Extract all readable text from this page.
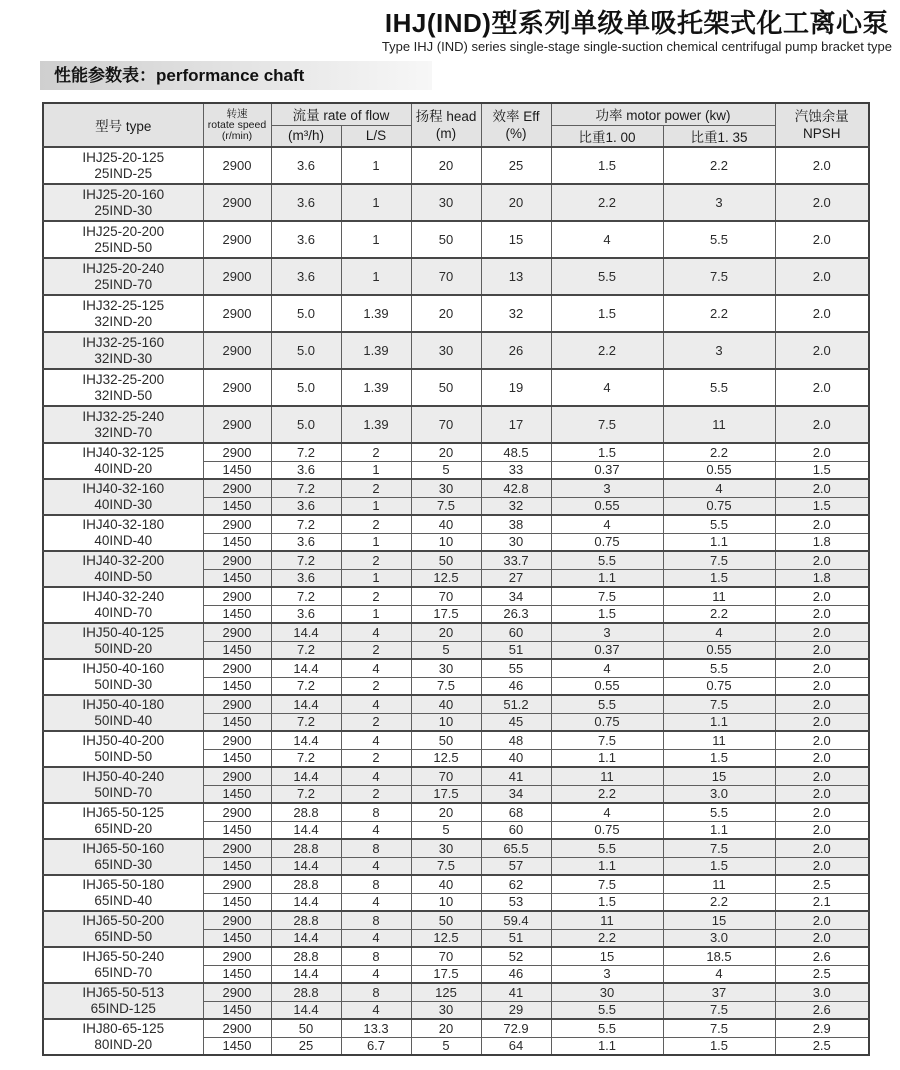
IHJ(IND)型系列单级单吸托架式化工离心泵
Type IHJ (IND) series single-stage single-suction chemical centrifugal pump bracket type
性能参数表：performance chaft
型号 type	
转速
rotate speed
(r/min)
	流量 rate of flow	扬程 head
(m)

效率 Eff
(%)
	功率 motor power (kw)	汽蚀余量
NPSH

		(m³/h)	L/S			比重1. 00	比重1. 35	

IHJ25-20-125
25IND-25	2900	3.6	1	20	25	1.5	2.2	2.0

IHJ25-20-160
25IND-30	2900	3.6	1	30	20	2.2	3	2.0

IHJ25-20-200
25IND-50	2900	3.6	1	50	15	4	5.5	2.0

IHJ25-20-240
25IND-70	2900	3.6	1	70	13	5.5	7.5	2.0

IHJ32-25-125
32IND-20	2900	5.0	1.39	20	32	1.5	2.2	2.0

IHJ32-25-160
32IND-30	2900	5.0	1.39	30	26	2.2	3	2.0

IHJ32-25-200
32IND-50	2900	5.0	1.39	50	19	4	5.5	2.0

IHJ32-25-240
32IND-70	2900	5.0	1.39	70	17	7.5	11	2.0

IHJ40-32-125
40IND-20	2900	7.2	2	20	48.5	1.5	2.2	2.0
	1450	3.6	1	5	33	0.37	0.55	1.5

IHJ40-32-160
40IND-30	2900	7.2	2	30	42.8	3	4	2.0
	1450	3.6	1	7.5	32	0.55	0.75	1.5

IHJ40-32-180
40IND-40	2900	7.2	2	40	38	4	5.5	2.0
	1450	3.6	1	10	30	0.75	1.1	1.8

IHJ40-32-200
40IND-50	2900	7.2	2	50	33.7	5.5	7.5	2.0
	1450	3.6	1	12.5	27	1.1	1.5	1.8

IHJ40-32-240
40IND-70	2900	7.2	2	70	34	7.5	11	2.0
	1450	3.6	1	17.5	26.3	1.5	2.2	2.0

IHJ50-40-125
50IND-20	2900	14.4	4	20	60	3	4	2.0
	1450	7.2	2	5	51	0.37	0.55	2.0

IHJ50-40-160
50IND-30	2900	14.4	4	30	55	4	5.5	2.0
	1450	7.2	2	7.5	46	0.55	0.75	2.0

IHJ50-40-180
50IND-40	2900	14.4	4	40	51.2	5.5	7.5	2.0
	1450	7.2	2	10	45	0.75	1.1	2.0

IHJ50-40-200
50IND-50	2900	14.4	4	50	48	7.5	11	2.0
	1450	7.2	2	12.5	40	1.1	1.5	2.0

IHJ50-40-240
50IND-70	2900	14.4	4	70	41	11	15	2.0
	1450	7.2	2	17.5	34	2.2	3.0	2.0

IHJ65-50-125
65IND-20	2900	28.8	8	20	68	4	5.5	2.0
	1450	14.4	4	5	60	0.75	1.1	2.0

IHJ65-50-160
65IND-30	2900	28.8	8	30	65.5	5.5	7.5	2.0
	1450	14.4	4	7.5	57	1.1	1.5	2.0

IHJ65-50-180
65IND-40	2900	28.8	8	40	62	7.5	11	2.5
	1450	14.4	4	10	53	1.5	2.2	2.1

IHJ65-50-200
65IND-50	2900	28.8	8	50	59.4	11	15	2.0
	1450	14.4	4	12.5	51	2.2	3.0	2.0

IHJ65-50-240
65IND-70	2900	28.8	8	70	52	15	18.5	2.6
	1450	14.4	4	17.5	46	3	4	2.5

IHJ65-50-513
65IND-125	2900	28.8	8	125	41	30	37	3.0
	1450	14.4	4	30	29	5.5	7.5	2.6

IHJ80-65-125
80IND-20	2900	50	13.3	20	72.9	5.5	7.5	2.9
	1450	25	6.7	5	64	1.1	1.5	2.5
